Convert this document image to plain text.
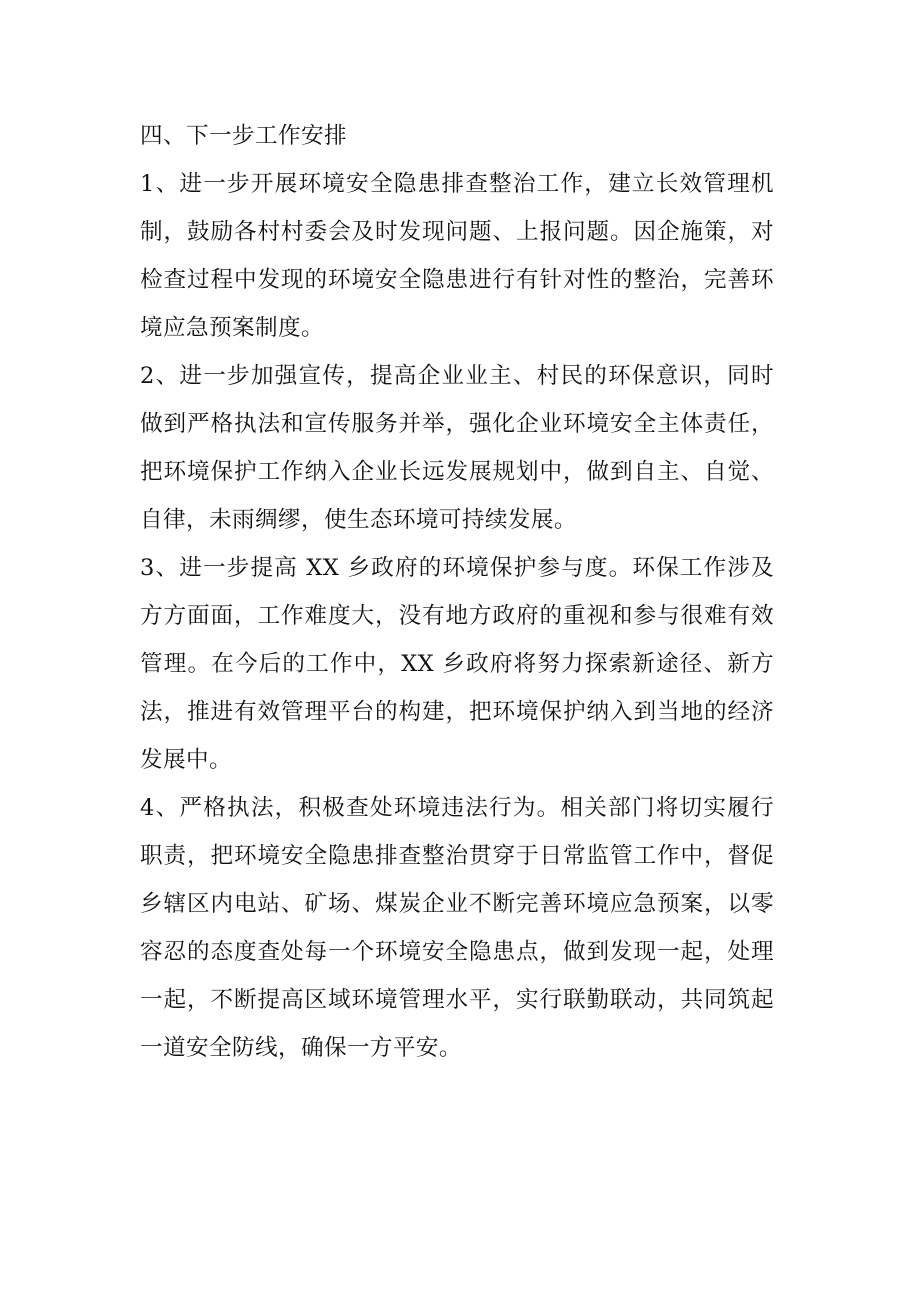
四、下一步工作安排

1、进一步开展环境安全隐患排查整治工作，建立长效管理机制，鼓励各村村委会及时发现问题、上报问题。因企施策，对检查过程中发现的环境安全隐患进行有针对性的整治，完善环境应急预案制度。

2、进一步加强宣传，提高企业业主、村民的环保意识，同时做到严格执法和宣传服务并举，强化企业环境安全主体责任，把环境保护工作纳入企业长远发展规划中，做到自主、自觉、自律，未雨绸缪，使生态环境可持续发展。

3、进一步提高 XX 乡政府的环境保护参与度。环保工作涉及方方面面，工作难度大，没有地方政府的重视和参与很难有效管理。在今后的工作中，XX 乡政府将努力探索新途径、新方法，推进有效管理平台的构建，把环境保护纳入到当地的经济发展中。

4、严格执法，积极查处环境违法行为。相关部门将切实履行职责，把环境安全隐患排查整治贯穿于日常监管工作中，督促乡辖区内电站、矿场、煤炭企业不断完善环境应急预案，以零容忍的态度查处每一个环境安全隐患点，做到发现一起，处理一起，不断提高区域环境管理水平，实行联勤联动，共同筑起一道安全防线，确保一方平安。
